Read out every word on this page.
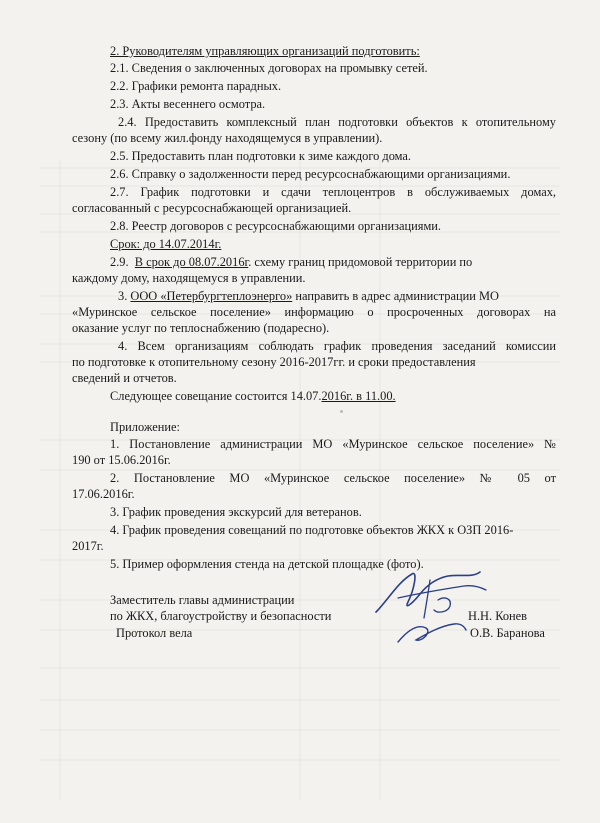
2. Руководителям управляющих организаций подготовить:
2.1. Сведения о заключенных договорах на промывку сетей.
2.2. Графики ремонта парадных.
2.3. Акты весеннего осмотра.
2.4. Предоставить комплексный план подготовки объектов к отопительному
сезону (по всему жил.фонду находящемуся в управлении).
2.5. Предоставить план подготовки к зиме каждого дома.
2.6. Справку о задолженности перед ресурсоснабжающими организациями.
2.7. График подготовки и сдачи теплоцентров в обслуживаемых домах,
согласованный с ресурсоснабжающей организацией.
2.8. Реестр договоров с ресурсоснабжающими организациями.
Срок: до 14.07.2014г.
2.9. В срок до 08.07.2016г. схему границ придомовой территории по
каждому дому, находящемуся в управлении.
3. ООО «Петербургтеплоэнерго» направить в адрес администрации МО
«Муринское сельское поселение» информацию о просроченных договорах на
оказание услуг по теплоснабжению (подаресно).
4. Всем организациям соблюдать график проведения заседаний комиссии
по подготовке к отопительному сезону 2016-2017гг. и сроки предоставления
сведений и отчетов.
Следующее совещание состоится 14.07.2016г. в 11.00.
Приложение:
1. Постановление администрации МО «Муринское сельское поселение» №
190 от 15.06.2016г.
2. Постановление МО «Муринское сельское поселение» № 05 от
17.06.2016г.
3. График проведения экскурсий для ветеранов.
4. График проведения совещаний по подготовке объектов ЖКХ к ОЗП 2016-
2017г.
5. Пример оформления стенда на детской площадке (фото).
Заместитель главы администрации
по ЖКХ, благоустройству и безопасности	Н.Н. Конев
Протокол вела	О.В. Баранова
